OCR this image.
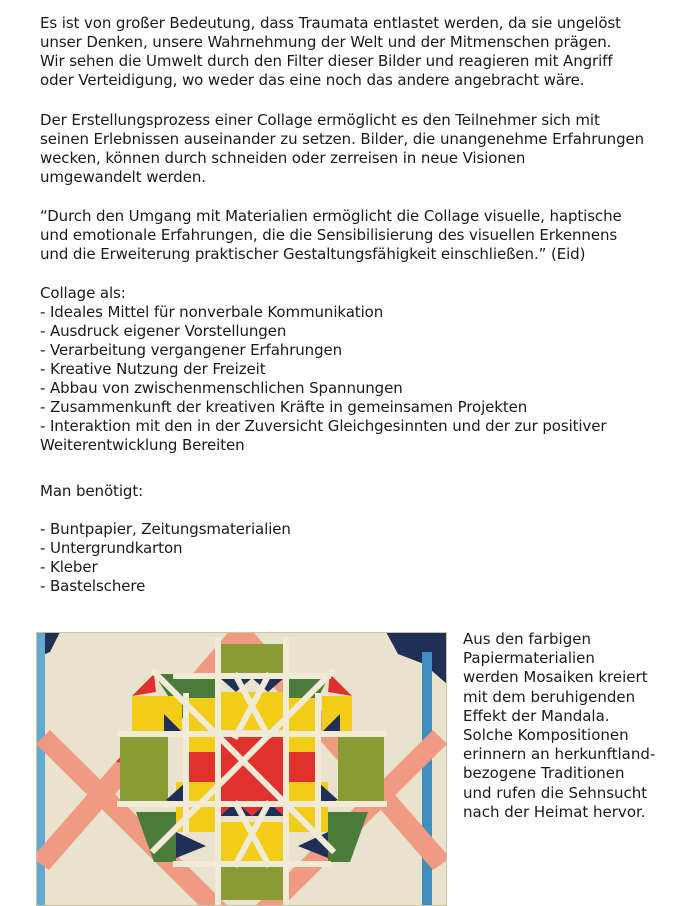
Es ist von großer Bedeutung, dass Traumata entlastet werden, da sie ungelöst
unser Denken, unsere Wahrnehmung der Welt und der Mitmenschen prägen.
Wir sehen die Umwelt durch den Filter dieser Bilder und reagieren mit Angriff
oder Verteidigung, wo weder das eine noch das andere angebracht wäre.

Der Erstellungsprozess einer Collage ermöglicht es den Teilnehmer sich mit
seinen Erlebnissen auseinander zu setzen. Bilder, die unangenehme Erfahrungen
wecken, können durch schneiden oder zerreisen in neue Visionen
umgewandelt werden.

“Durch den Umgang mit Materialien ermöglicht die Collage visuelle, haptische
und emotionale Erfahrungen, die die Sensibilisierung des visuellen Erkennens
und die Erweiterung praktischer Gestaltungsfähigkeit einschließen.” (Eid)

Collage als:
- Ideales Mittel für nonverbale Kommunikation
- Ausdruck eigener Vorstellungen
- Verarbeitung vergangener Erfahrungen
- Kreative Nutzung der Freizeit
- Abbau von zwischenmenschlichen Spannungen
- Zusammenkunft der kreativen Kräfte in gemeinsamen Projekten
- Interaktion mit den in der Zuversicht Gleichgesinnten und der zur positiver
Weiterentwicklung Bereiten

Man benötigt:

- Buntpapier, Zeitungsmaterialien
- Untergrundkarton
- Kleber
- Bastelschere

Aus den farbigen
Papiermaterialien
werden Mosaiken kreiert
mit dem beruhigenden
Effekt der Mandala.
Solche Kompositionen
erinnern an herkunftland-
bezogene Traditionen
und rufen die Sehnsucht
nach der Heimat hervor.
